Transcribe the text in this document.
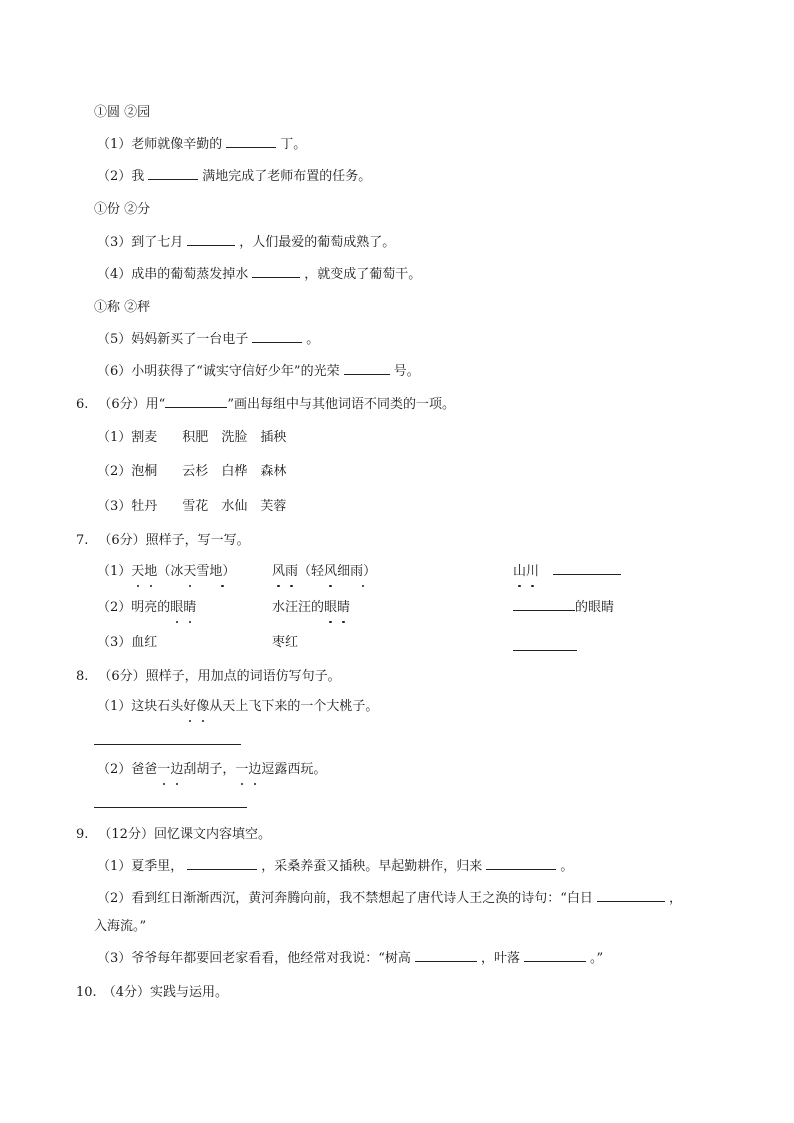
①圆 ②园
（1）老师就像辛勤的	丁。
（2）我	满地完成了老师布置的任务。
①份 ②分
（3）到了七月	，人们最爱的葡萄成熟了。
（4）成串的葡萄蒸发掉水	，就变成了葡萄干。
①称 ②秤
（5）妈妈新买了一台电子	。
（6）小明获得了“诚实守信好少年”的光荣	号。
6. （6分）用“	”画出每组中与其他词语不同类的一项。
（1）割麦 积肥 洗脸 插秧
（2）泡桐 云杉 白桦 森林
（3）牡丹 雪花 水仙 芙蓉
7. （6分）照样子，写一写。
（1）天地（冰天雪地）	风雨（轻风细雨）	山川
（2）明亮的眼睛	水汪汪的眼睛	的眼睛
（3）血红	枣红
8. （6分）照样子，用加点的词语仿写句子。
（1）这块石头好像从天上飞下来的一个大桃子。
（2）爸爸一边刮胡子，一边逗露西玩。
9. （12分）回忆课文内容填空。
（1）夏季里，	，采桑养蚕又插秧。早起勤耕作，归来	。
（2）看到红日渐渐西沉，黄河奔腾向前，我不禁想起了唐代诗人王之涣的诗句：“白日	，
入海流。”
（3）爷爷每年都要回老家看看，他经常对我说：“树高	，叶落	。”
10. （4分）实践与运用。
